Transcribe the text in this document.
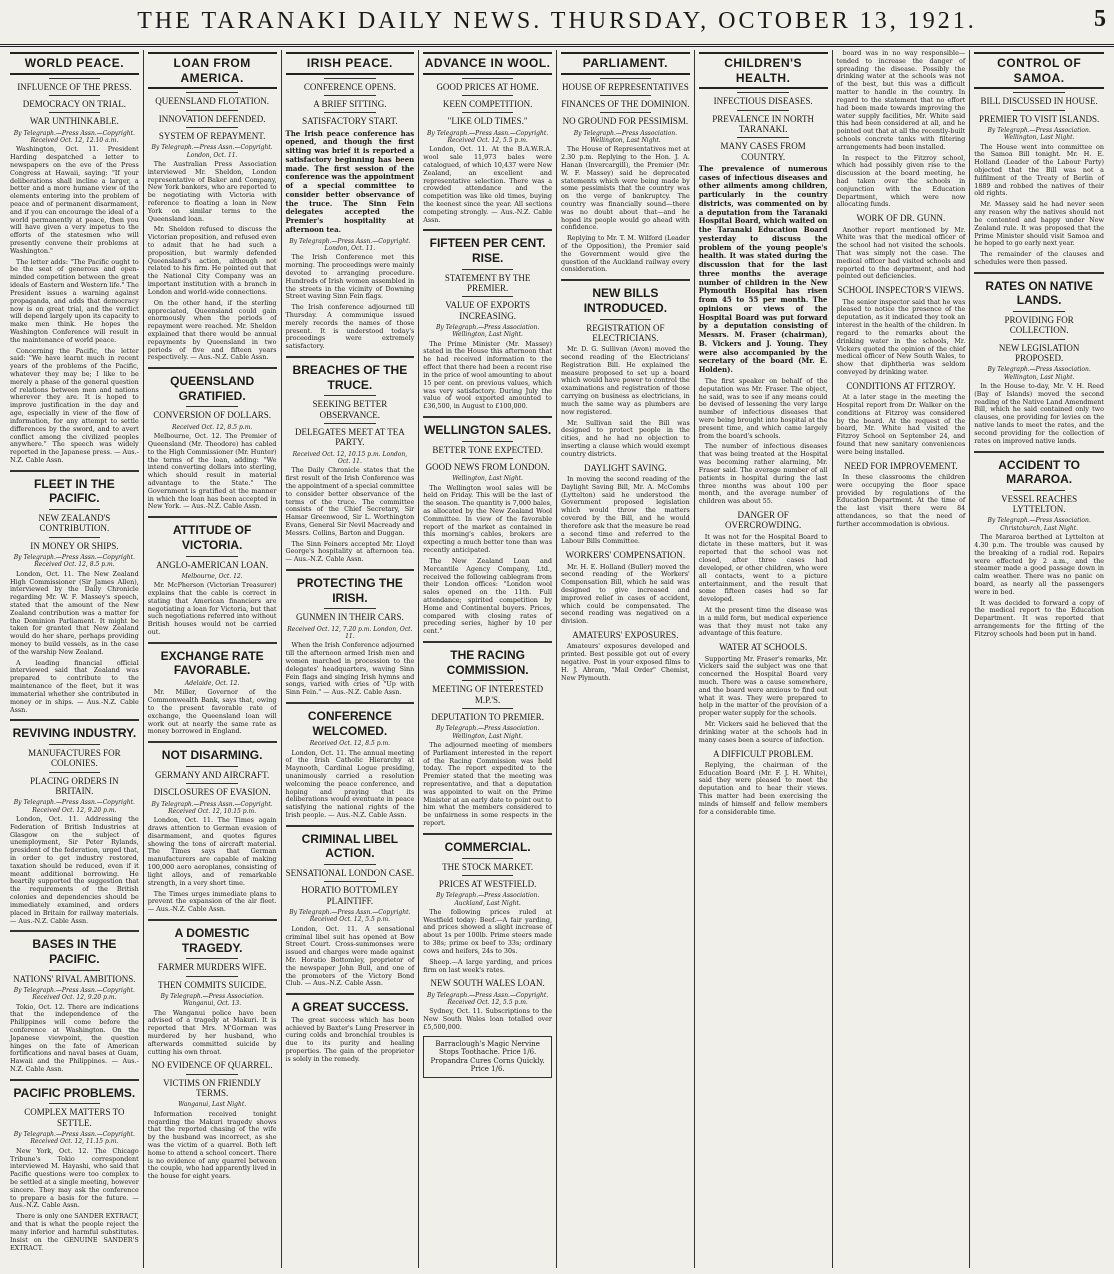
THE TARANAKI DAILY NEWS. THURSDAY, OCTOBER 13, 1921.	5
WORLD PEACE.
INFLUENCE OF THE PRESS.
DEMOCRACY ON TRIAL.
WAR UNTHINKABLE.
By Telegraph.—Press Assn.—Copyright. Received Oct. 12, 12.10 a.m.

Washington, Oct. 11. President Harding despatched a letter to newspapers on the eve of the Press Congress at Hawaii, saying: "If your deliberations shall incline a larger, a better and a more humane view of the elements entering into the problem of peace and of permanent disarmament, and if you can encourage the ideal of a world permanently at peace, then you will have given a very impetus to the efforts of the statesmen who will presently convene their problems at Washington."

The letter adds: "The Pacific ought to be the seat of generous and open-minded competition between the great ideals of Eastern and Western life." The President issues a warning against propaganda, and adds that democracy now is on great trial, and the verdict will depend largely upon its capacity to make men think. He hopes the Washington Conference will result in the maintenance of world peace.

Concerning the Pacific, the letter said: "We have learnt much in recent years of the problems of the Pacific, whatever they may be; I like to be merely a phase of the general question of relations between men and nations wherever they are. It is hoped to improve justification in the day and age, especially in view of the flow of information, for any attempt to settle differences by the sword, and to avert conflict among the civilized peoples anywhere." The speech was widely reported in the Japanese press. — Aus.-N.Z. Cable Assn.

FLEET IN THE PACIFIC.
NEW ZEALAND'S CONTRIBUTION.
IN MONEY OR SHIPS.
By Telegraph.—Press Assn.—Copyright. Received Oct. 12, 8.5 p.m.

London, Oct. 11. The New Zealand High Commissioner (Sir James Allen), interviewed by the Daily Chronicle regarding Mr. W. F. Massey's speech, stated that the amount of the New Zealand contribution was a matter for the Dominion Parliament. It might be taken for granted that New Zealand would do her share, perhaps providing money to build vessels, as in the case of the warship New Zealand.

A leading financial official interviewed said that Zealand was prepared to contribute to the maintenance of the fleet, but it was immaterial whether she contributed in money or in ships. — Aus.-N.Z. Cable Assn.

REVIVING INDUSTRY.
MANUFACTURES FOR COLONIES.
PLACING ORDERS IN BRITAIN.
By Telegraph.—Press Assn.—Copyright. Received Oct. 12, 9.20 p.m.

London, Oct. 11. Addressing the Federation of British Industries at Glasgow on the subject of unemployment, Sir Peter Rylands, president of the federation, urged that, in order to get industry restored, taxation should be reduced, even if it meant additional borrowing. He heartily supported the suggestion that the requirements of the British colonies and dependencies should be immediately examined, and orders placed in Britain for railway materials. — Aus.-N.Z. Cable Assn.

BASES IN THE PACIFIC.
NATIONS' RIVAL AMBITIONS.
By Telegraph.—Press Assn.—Copyright. Received Oct. 12, 9.20 p.m.

Tokio, Oct. 12. There are indications that the independence of the Philippines will come before the conference at Washington. On the Japanese viewpoint, the question hinges on the fate of American fortifications and naval bases at Guam, Hawaii and the Philippines. — Aus.-N.Z. Cable Assn.

PACIFIC PROBLEMS.
COMPLEX MATTERS TO SETTLE.
By Telegraph.—Press Assn.—Copyright. Received Oct. 12, 11.15 p.m.

New York, Oct. 12. The Chicago Tribune's Tokio correspondent interviewed M. Hayashi, who said that Pacific questions were too complex to be settled at a single meeting, however sincere. They may ask the conference to prepare a basis for the future. — Aus.-N.Z. Cable Assn.

There is only one SANDER EXTRACT, and that is what the people reject the many inferior and harmful substitutes. Insist on the GENUINE SANDER'S EXTRACT.

LOAN FROM AMERICA.
QUEENSLAND FLOTATION.
INNOVATION DEFENDED.
SYSTEM OF REPAYMENT.
By Telegraph.—Press Assn.—Copyright. London, Oct. 11.

The Australian Press Association interviewed Mr. Sheldon, London representative of Baker and Company, New York bankers, who are reported to be negotiating with Victoria with reference to floating a loan in New York on similar terms to the Queensland loan.

Mr. Sheldon refused to discuss the Victorian proposition, and refused even to admit that he had such a proposition, but warmly defended Queensland's action, although not related to his firm. He pointed out that the National City Company was an important institution with a branch in London and world-wide connections.

On the other hand, if the sterling appreciated, Queensland could gain enormously when the periods of repayment were reached. Mr. Sheldon explained that there would be annual repayments by Queensland in two periods of five and fifteen years respectively. — Aus.-N.Z. Cable Assn.

QUEENSLAND GRATIFIED.
CONVERSION OF DOLLARS.
Received Oct. 12, 8.5 p.m.

Melbourne, Oct. 12. The Premier of Queensland (Mr. Theodore) has cabled to the High Commissioner (Mr. Hunter) the terms of the loan, adding: "We intend converting dollars into sterling, which should result in material advantage to the State." The Government is gratified at the manner in which the loan has been accepted in New York. — Aus.-N.Z. Cable Assn.

ATTITUDE OF VICTORIA.
ANGLO-AMERICAN LOAN.
Melbourne, Oct. 12.

Mr. McPherson (Victorian Treasurer) explains that the cable is correct in stating that American financiers are negotiating a loan for Victoria, but that such negotiations referred into without British houses would not be carried out.

EXCHANGE RATE FAVORABLE.
Adelaide, Oct. 12.

Mr. Miller, Governor of the Commonwealth Bank, says that, owing to the present favorable rate of exchange, the Queensland loan will work out at nearly the same rate as money borrowed in England.

NOT DISARMING.
GERMANY AND AIRCRAFT.
DISCLOSURES OF EVASION.
By Telegraph.—Press Assn.—Copyright. Received Oct. 12, 10.15 p.m.

London, Oct. 11. The Times again draws attention to German evasion of disarmament, and quotes figures showing the tons of aircraft material. The Times says that German manufacturers are capable of making 100,000 aero aeroplanes, consisting of light alloys, and of remarkable strength, in a very short time.

The Times urges immediate plans to prevent the expansion of the air fleet. — Aus.-N.Z. Cable Assn.

A DOMESTIC TRAGEDY.
FARMER MURDERS WIFE.
THEN COMMITS SUICIDE.
By Telegraph.—Press Association. Wanganui, Oct. 13.

The Wanganui police have been advised of a tragedy at Makuri. It is reported that Mrs. M'Gorman was murdered by her husband, who afterwards committed suicide by cutting his own throat.

NO EVIDENCE OF QUARREL.
VICTIMS ON FRIENDLY TERMS.
Wanganui, Last Night.

Information received tonight regarding the Makuri tragedy shows that the reported chasing of the wife by the husband was incorrect, as she was the victim of a quarrel. Both left home to attend a school concert. There is no evidence of any quarrel between the couple, who had apparently lived in the house for eight years.

IRISH PEACE.
CONFERENCE OPENS.
A BRIEF SITTING.
SATISFACTORY START.
The Irish peace conference has opened, and though the first sitting was brief it is reported a satisfactory beginning has been made. The first session of the conference was the appointment of a special committee to consider better observance of the truce. The Sinn Fein delegates accepted the Premier's hospitality at afternoon tea.
By Telegraph.—Press Assn.—Copyright. London, Oct. 11.

The Irish Conference met this morning. The proceedings were mainly devoted to arranging procedure. Hundreds of Irish women assembled in the streets in the vicinity of Downing Street waving Sinn Fein flags.

The Irish conference adjourned till Thursday. A communique issued merely records the names of those present. It is understood today's proceedings were extremely satisfactory.

BREACHES OF THE TRUCE.
SEEKING BETTER OBSERVANCE.
DELEGATES MEET AT TEA PARTY.
Received Oct. 12, 10.15 p.m. London, Oct. 11.

The Daily Chronicle states that the first result of the Irish Conference was the appointment of a special committee to consider better observance of the terms of the truce. The committee consists of the Chief Secretary, Sir Hamar Greenwood, Sir L. Worthington Evans, General Sir Nevil Macready and Messrs. Collins, Barton and Duggan.

The Sinn Feiners accepted Mr. Lloyd George's hospitality at afternoon tea. — Aus.-N.Z. Cable Assn.

PROTECTING THE IRISH.
GUNMEN IN THEIR CARS.
Received Oct. 12, 7.20 p.m. London, Oct. 11.

When the Irish Conference adjourned till the afternoon armed Irish men and women marched in procession to the delegates' headquarters, waving Sinn Fein flags and singing Irish hymns and songs, varied with cries of "Up with Sinn Fein." — Aus.-N.Z. Cable Assn.

CONFERENCE WELCOMED.
Received Oct. 12, 8.5 p.m.

London, Oct. 11. The annual meeting of the Irish Catholic Hierarchy at Maynooth, Cardinal Logue presiding, unanimously carried a resolution welcoming the peace conference, and hoping and praying that its deliberations would eventuate in peace satisfying the national rights of the Irish people. — Aus.-N.Z. Cable Assn.

CRIMINAL LIBEL ACTION.
SENSATIONAL LONDON CASE.
HORATIO BOTTOMLEY PLAINTIFF.
By Telegraph.—Press Assn.—Copyright. Received Oct. 12, 5.5 p.m.

London, Oct. 11. A sensational criminal libel suit has opened at Bow Street Court. Cross-summonses were issued and charges were made against Mr. Horatio Bottomley, proprietor of the newspaper John Bull, and one of the promoters of the Victory Bond Club. — Aus.-N.Z. Cable Assn.

A GREAT SUCCESS.

The great success which has been achieved by Baxter's Lung Preserver in curing colds and bronchial troubles is due to its purity and healing properties. The gain of the proprietor is solely in the remedy.

ADVANCE IN WOOL.
GOOD PRICES AT HOME.
KEEN COMPETITION.
"LIKE OLD TIMES."
By Telegraph.—Press Assn.—Copyright. Received Oct. 12, 5.5 p.m.

London, Oct. 11. At the B.A.W.R.A. wool sale 11,973 bales were catalogued, of which 10,437 were New Zealand, an excellent and representative selection. There was a crowded attendance and the competition was like old times, buying the keenest since the year. All sections competing strongly. — Aus.-N.Z. Cable Assn.

FIFTEEN PER CENT. RISE.
STATEMENT BY THE PREMIER.
VALUE OF EXPORTS INCREASING.
By Telegraph.—Press Association. Wellington, Last Night.

The Prime Minister (Mr. Massey) stated in the House this afternoon that he had received information to the effect that there had been a recent rise in the price of wool amounting to about 15 per cent. on previous values, which was very satisfactory. During July the value of wool exported amounted to £36,500, in August to £100,000.

WELLINGTON SALES.
BETTER TONE EXPECTED.
GOOD NEWS FROM LONDON.
Wellington, Last Night.

The Wellington wool sales will be held on Friday. This will be the last of the season. The quantity is 7,000 bales, as allocated by the New Zealand Wool Committee. In view of the favorable report of the market as contained in this morning's cables, brokers are expecting a much better tone than was recently anticipated.

The New Zealand Loan and Mercantile Agency Company, Ltd., received the following cablegram from their London offices: "London wool sales opened on the 11th. Full attendance; spirited competition by Home and Continental buyers. Prices, compared with closing rates of preceding series, higher by 10 per cent."

THE RACING COMMISSION.
MEETING OF INTERESTED M.P.'S.
DEPUTATION TO PREMIER.
By Telegraph.—Press Association. Wellington, Last Night.

The adjourned meeting of members of Parliament interested in the report of the Racing Commission was held today. The report expedited to the Premier stated that the meeting was representative, and that a deputation was appointed to wait on the Prime Minister at an early date to point out to him what the members considered to be unfairness in some respects in the report.

COMMERCIAL.
THE STOCK MARKET.
PRICES AT WESTFIELD.
By Telegraph.—Press Association. Auckland, Last Night.

The following prices ruled at Westfield today: Beef.—A fair yarding, and prices showed a slight increase of about 1s per 100lb. Prime steers made to 38s; prime ox beef to 33s; ordinary cows and heifers, 24s to 30s.

Sheep.—A large yarding, and prices firm on last week's rates.

NEW SOUTH WALES LOAN.
By Telegraph.—Press Assn.—Copyright. Received Oct. 12, 5.5 p.m.

Sydney, Oct. 11. Subscriptions to the New South Wales loan totalled over £5,500,000.

Barraclough's Magic Nervine Stops Toothache. Price 1/6. Propandra Cures Corns Quickly. Price 1/6.
PARLIAMENT.
HOUSE OF REPRESENTATIVES
FINANCES OF THE DOMINION.
NO GROUND FOR PESSIMISM.
By Telegraph.—Press Association. Wellington, Last Night.

The House of Representatives met at 2.30 p.m. Replying to the Hon. J. A. Hanan (Invercargill), the Premier (Mr. W. F. Massey) said he deprecated statements which were being made by some pessimists that the country was on the verge of bankruptcy. The country was financially sound—there was no doubt about that—and he hoped its people would go ahead with confidence.

Replying to Mr. T. M. Wilford (Leader of the Opposition), the Premier said the Government would give the question of the Auckland railway every consideration.

NEW BILLS INTRODUCED.
REGISTRATION OF ELECTRICIANS.

Mr. D. G. Sullivan (Avon) moved the second reading of the Electricians' Registration Bill. He explained the measure proposed to set up a board which would have power to control the examinations and registration of those carrying on business as electricians, in much the same way as plumbers are now registered.

Mr. Sullivan said the Bill was designed to protect people in the cities, and he had no objection to inserting a clause which would exempt country districts.

DAYLIGHT SAVING.

In moving the second reading of the Daylight Saving Bill, Mr. A. McCombs (Lyttelton) said he understood the Government proposed legislation which would throw the matters covered by the Bill, and he would therefore ask that the measure be read a second time and referred to the Labour Bills Committee.

WORKERS' COMPENSATION.

Mr. H. E. Holland (Buller) moved the second reading of the Workers' Compensation Bill, which he said was designed to give increased and improved relief in cases of accident, which could be compensated. The second reading was negatived on a division.

AMATEURS' EXPOSURES.

Amateurs' exposures developed and printed. Best possible got out of every negative. Post in your exposed films to H. J. Abram, "Mail Order" Chemist, New Plymouth.

CHILDREN'S HEALTH.
INFECTIOUS DISEASES.
PREVALENCE IN NORTH TARANAKI.
MANY CASES FROM COUNTRY.
The prevalence of numerous cases of infectious diseases and other ailments among children, particularly in the country districts, was commented on by a deputation from the Taranaki Hospital Board, which waited on the Taranaki Education Board yesterday to discuss the problem of the young people's health. It was stated during the discussion that for the last three months the average number of children in the New Plymouth Hospital has risen from 45 to 55 per month. The opinions or views of the Hospital Board was put forward by a deputation consisting of Messrs. M. Fraser (chairman), B. Vickers and J. Young. They were also accompanied by the secretary of the board (Mr. E. Holden).

The first speaker on behalf of the deputation was Mr. Fraser. The object, he said, was to see if any means could be devised of lessening the very large number of infectious diseases that were being brought into hospital at the present time, and which came largely from the board's schools.

The number of infectious diseases that was being treated at the Hospital was becoming rather alarming, Mr. Fraser said. The average number of all patients in hospital during the last three months was about 100 per month, and the average number of children was about 55.

DANGER OF OVERCROWDING.

It was not for the Hospital Board to dictate in these matters, but it was reported that the school was not closed, after three cases had developed, or other children, who were all contacts, went to a picture entertainment, and the result that some fifteen cases had so far developed.

At the present time the disease was in a mild form, but medical experience was that they must not take any advantage of this feature.

WATER AT SCHOOLS.

Supporting Mr. Fraser's remarks, Mr. Vickers said the subject was one that concerned the Hospital Board very much. There was a cause somewhere, and the board were anxious to find out what it was. They were prepared to help in the matter of the provision of a proper water supply for the schools.

Mr. Vickers said he believed that the drinking water at the schools had in many cases been a source of infection.

A DIFFICULT PROBLEM.

Replying, the chairman of the Education Board (Mr. F. J. H. White), said they were pleased to meet the deputation and to hear their views. This matter had been exercising the minds of himself and fellow members for a considerable time.

board was in no way responsible—tended to increase the danger of spreading the disease. Possibly the drinking water at the schools was not of the best, but this was a difficult matter to handle in the country. In regard to the statement that no effort had been made towards improving the water supply facilities, Mr. White said this had been considered at all, and he pointed out that at all the recently-built schools concrete tanks with filtering arrangements had been installed.

In respect to the Fitzroy school, which had possibly given rise to the discussion at the board meeting, he had taken over the schools in conjunction with the Education Department, which were now allocating funds.

WORK OF DR. GUNN.

Another report mentioned by Mr. White was that the medical officer of the school had not visited the schools. That was simply not the case. The medical officer had visited schools and reported to the department, and had pointed out deficiencies.

SCHOOL INSPECTOR'S VIEWS.

The senior inspector said that he was pleased to notice the presence of the deputation, as it indicated they took an interest in the health of the children. In regard to the remarks about the drinking water in the schools, Mr. Vickers quoted the opinion of the chief medical officer of New South Wales, to show that diphtheria was seldom conveyed by drinking water.

CONDITIONS AT FITZROY.

At a later stage in the meeting the Hospital report from Dr. Walker on the conditions at Fitzroy was considered by the board. At the request of the board, Mr. White had visited the Fitzroy School on September 24, and found that new sanitary conveniences were being installed.

NEED FOR IMPROVEMENT.

In these classrooms the children were occupying the floor space provided by regulations of the Education Department. At the time of the last visit there were 84 attendances, so that the need of further accommodation is obvious.

CONTROL OF SAMOA.
BILL DISCUSSED IN HOUSE.
PREMIER TO VISIT ISLANDS.
By Telegraph.—Press Association. Wellington, Last Night.

The House went into committee on the Samoa Bill tonight. Mr. H. E. Holland (Leader of the Labour Party) objected that the Bill was not a fulfilment of the Treaty of Berlin of 1889 and robbed the natives of their old rights.

Mr. Massey said he had never seen any reason why the natives should not be contented and happy under New Zealand rule. It was proposed that the Prime Minister should visit Samoa and he hoped to go early next year.

The remainder of the clauses and schedules were then passed.

RATES ON NATIVE LANDS.
PROVIDING FOR COLLECTION.
NEW LEGISLATION PROPOSED.
By Telegraph.—Press Association. Wellington, Last Night.

In the House to-day, Mr. V. H. Reed (Bay of Islands) moved the second reading of the Native Land Amendment Bill, which he said contained only two clauses, one providing for levies on the native lands to meet the rates, and the second providing for the collection of rates on improved native lands.

ACCIDENT TO MARAROA.
VESSEL REACHES LYTTELTON.
By Telegraph.—Press Association. Christchurch, Last Night.

The Mararoa berthed at Lyttelton at 4.30 p.m. The trouble was caused by the breaking of a radial rod. Repairs were effected by 2 a.m., and the steamer made a good passage down in calm weather. There was no panic on board, as nearly all the passengers were in bed.

It was decided to forward a copy of the medical report to the Education Department. It was reported that arrangements for the fitting of the Fitzroy schools had been put in hand.
